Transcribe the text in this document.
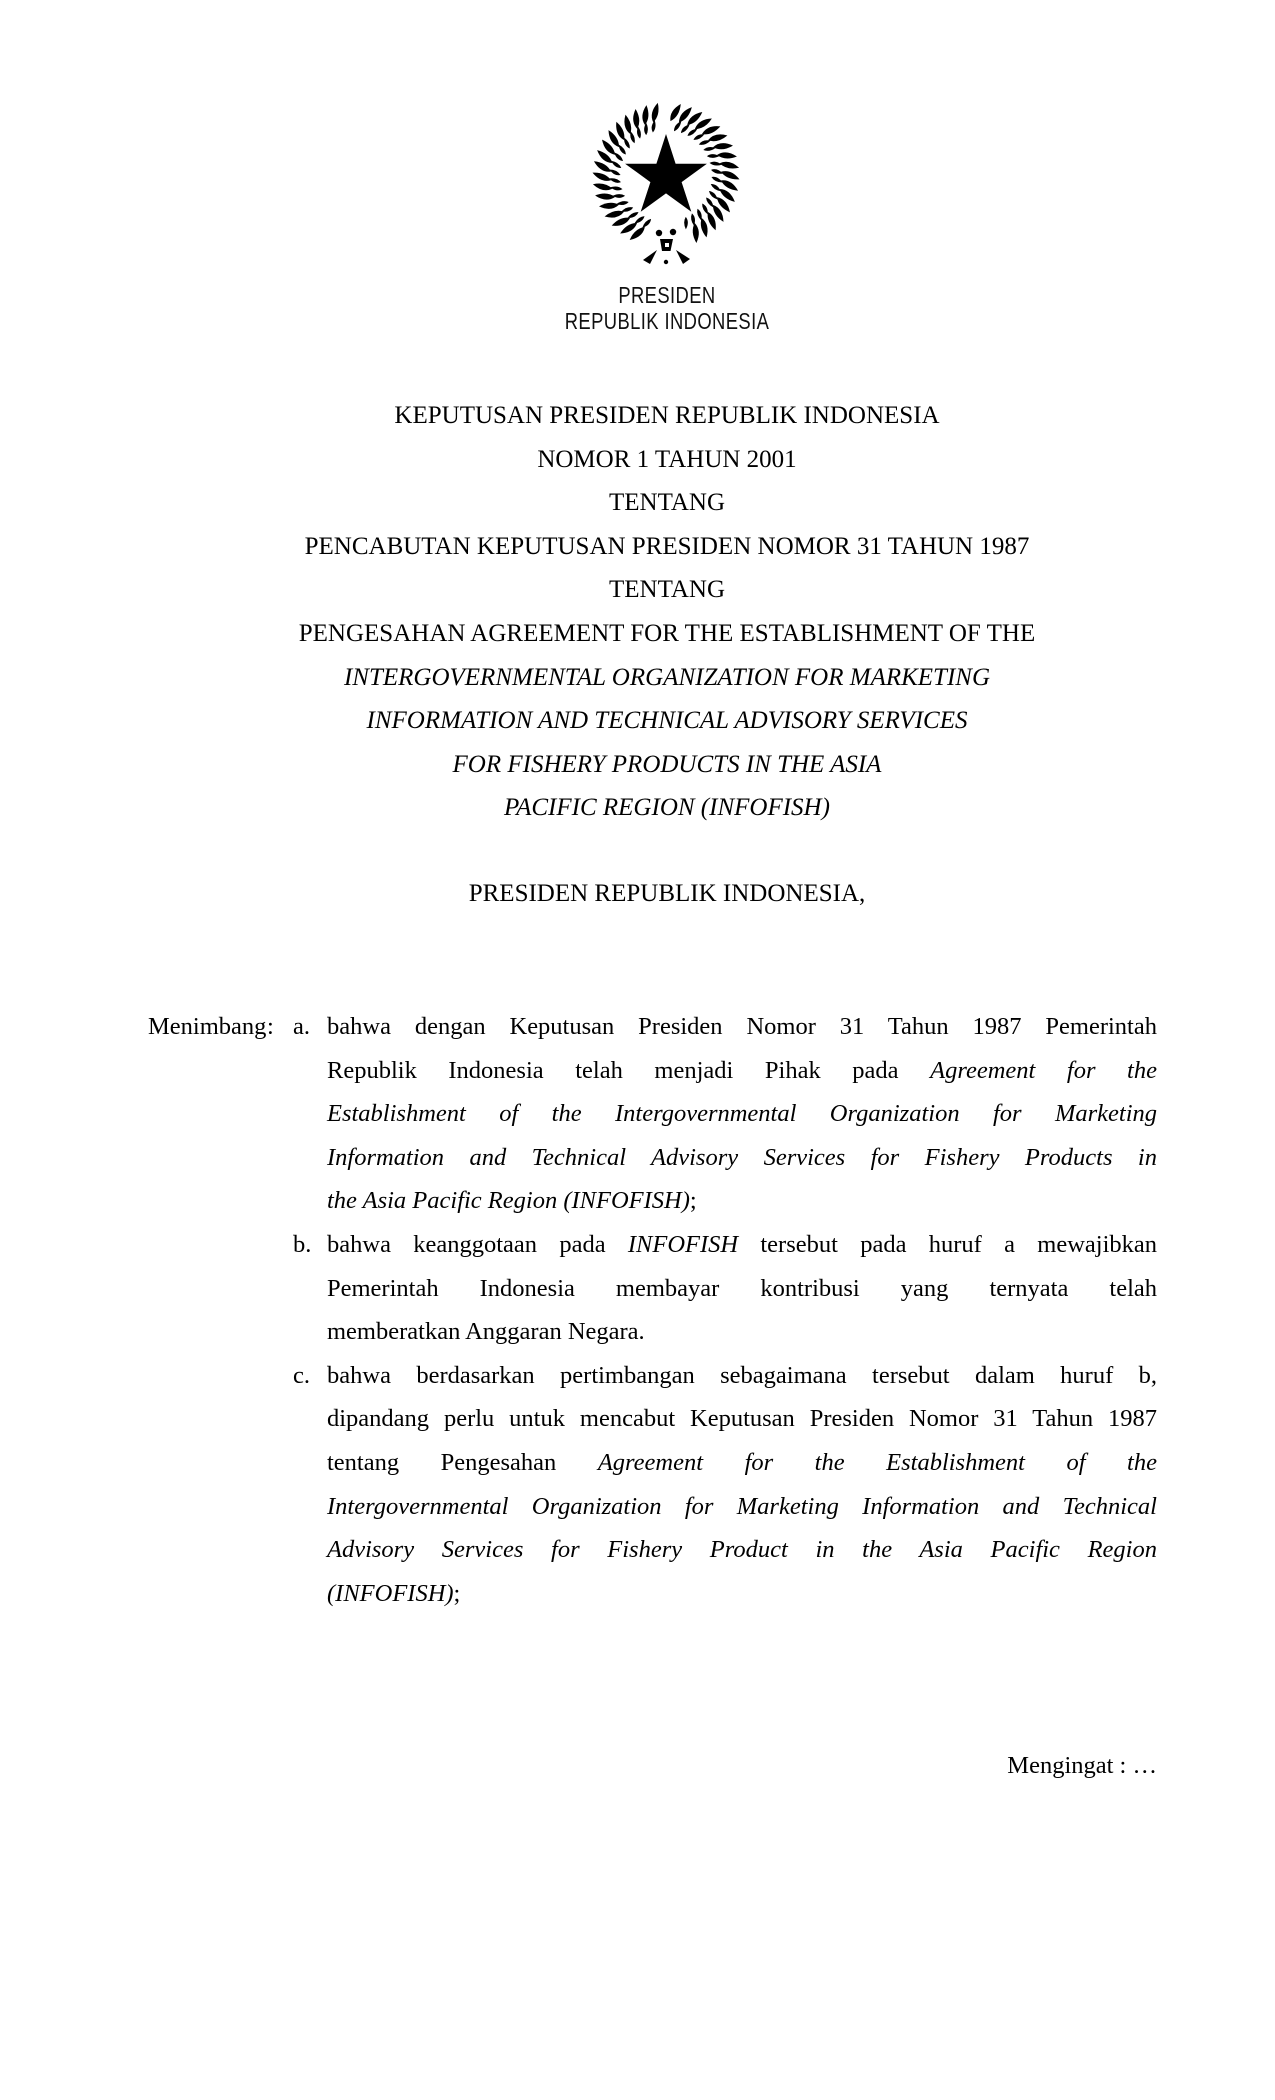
PRESIDEN
REPUBLIK INDONESIA
KEPUTUSAN PRESIDEN REPUBLIK INDONESIA
NOMOR 1 TAHUN 2001
TENTANG
PENCABUTAN KEPUTUSAN PRESIDEN NOMOR 31 TAHUN 1987
TENTANG
PENGESAHAN AGREEMENT FOR THE ESTABLISHMENT OF THE
INTERGOVERNMENTAL ORGANIZATION FOR MARKETING
INFORMATION AND TECHNICAL ADVISORY SERVICES
FOR FISHERY PRODUCTS IN THE ASIA
PACIFIC REGION (INFOFISH)
PRESIDEN REPUBLIK INDONESIA,
Menimbang : a. bahwa dengan Keputusan Presiden Nomor 31 Tahun 1987 Pemerintah
Republik Indonesia telah menjadi Pihak pada Agreement for the
Establishment of the Intergovernmental Organization for Marketing
Information and Technical Advisory Services for Fishery Products in
the Asia Pacific Region (INFOFISH);
b. bahwa keanggotaan pada INFOFISH tersebut pada huruf a mewajibkan
Pemerintah Indonesia membayar kontribusi yang ternyata telah
memberatkan Anggaran Negara.
c. bahwa berdasarkan pertimbangan sebagaimana tersebut dalam huruf b,
dipandang perlu untuk mencabut Keputusan Presiden Nomor 31 Tahun 1987
tentang Pengesahan Agreement for the Establishment of the
Intergovernmental Organization for Marketing Information and Technical
Advisory Services for Fishery Product in the Asia Pacific Region
(INFOFISH);
Mengingat : …
